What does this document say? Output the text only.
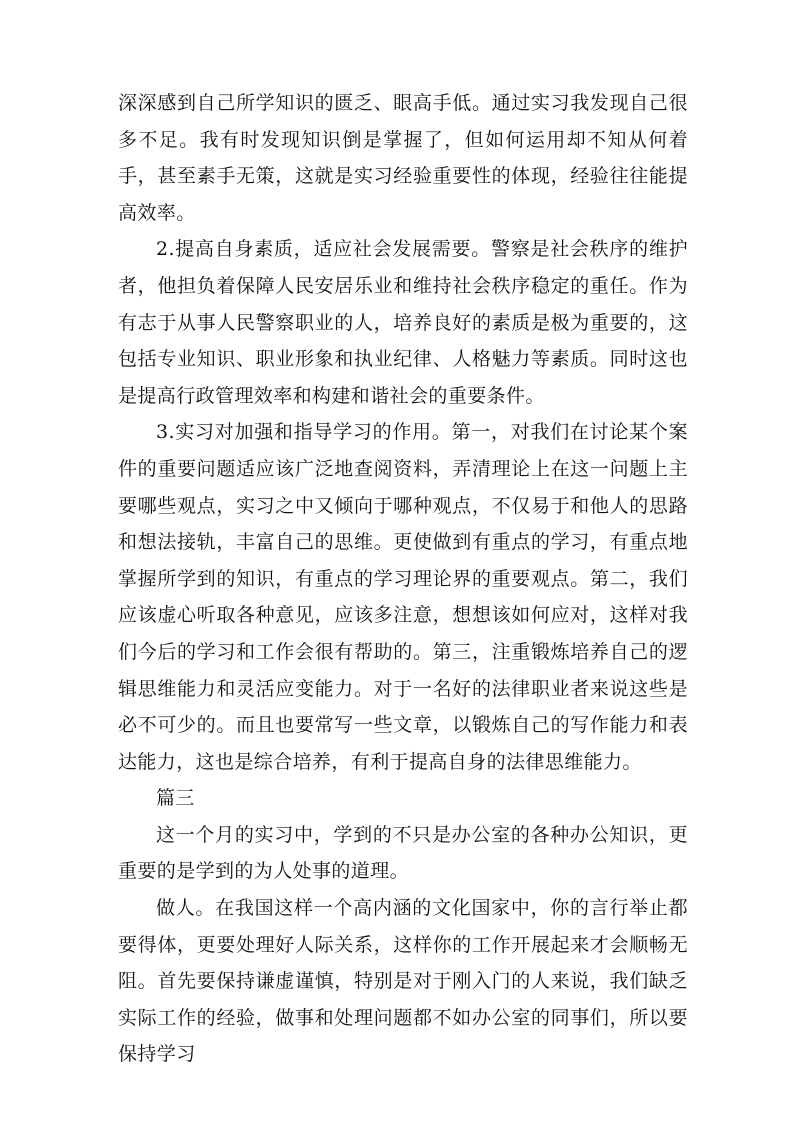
深深感到自己所学知识的匮乏、眼高手低。通过实习我发现自己很多不足。我有时发现知识倒是掌握了，但如何运用却不知从何着手，甚至素手无策，这就是实习经验重要性的体现，经验往往能提高效率。

2.提高自身素质，适应社会发展需要。警察是社会秩序的维护者，他担负着保障人民安居乐业和维持社会秩序稳定的重任。作为有志于从事人民警察职业的人，培养良好的素质是极为重要的，这包括专业知识、职业形象和执业纪律、人格魅力等素质。同时这也是提高行政管理效率和构建和谐社会的重要条件。

3.实习对加强和指导学习的作用。第一，对我们在讨论某个案件的重要问题适应该广泛地查阅资料，弄清理论上在这一问题上主要哪些观点，实习之中又倾向于哪种观点，不仅易于和他人的思路和想法接轨，丰富自己的思维。更使做到有重点的学习，有重点地掌握所学到的知识，有重点的学习理论界的重要观点。第二，我们应该虚心听取各种意见，应该多注意，想想该如何应对，这样对我们今后的学习和工作会很有帮助的。第三，注重锻炼培养自己的逻辑思维能力和灵活应变能力。对于一名好的法律职业者来说这些是必不可少的。而且也要常写一些文章，以锻炼自己的写作能力和表达能力，这也是综合培养，有利于提高自身的法律思维能力。

篇三

这一个月的实习中，学到的不只是办公室的各种办公知识，更重要的是学到的为人处事的道理。

做人。在我国这样一个高内涵的文化国家中，你的言行举止都要得体，更要处理好人际关系，这样你的工作开展起来才会顺畅无阻。首先要保持谦虚谨慎，特别是对于刚入门的人来说，我们缺乏实际工作的经验，做事和处理问题都不如办公室的同事们，所以要保持学习
